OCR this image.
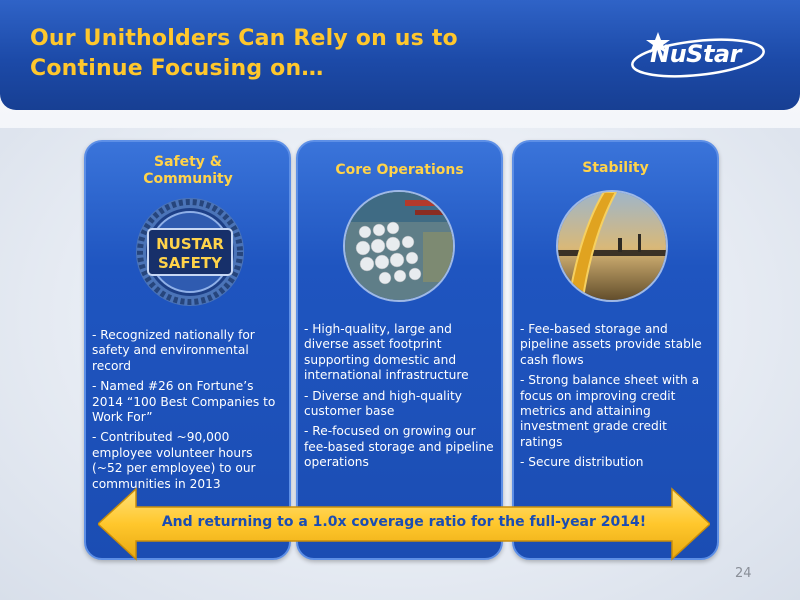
Our Unitholders Can Rely on us to Continue Focusing on…
NuStar
Safety & Community
NUSTAR
SAFETY

- Recognized nationally for safety and environmental record

- Named #26 on Fortune’s 2014 “100 Best Companies to Work For”

- Contributed ~90,000 employee volunteer hours (~52 per employee) to our communities in 2013

Core Operations

- High-quality, large and diverse asset footprint supporting domestic and international infrastructure

- Diverse and high-quality customer base

- Re-focused on growing our fee-based storage and pipeline operations

Stability

- Fee-based storage and pipeline assets provide stable cash flows

- Strong balance sheet with a focus on improving credit metrics and attaining investment grade credit ratings

- Secure distribution

And returning to a 1.0x coverage ratio for the full-year 2014!
24
